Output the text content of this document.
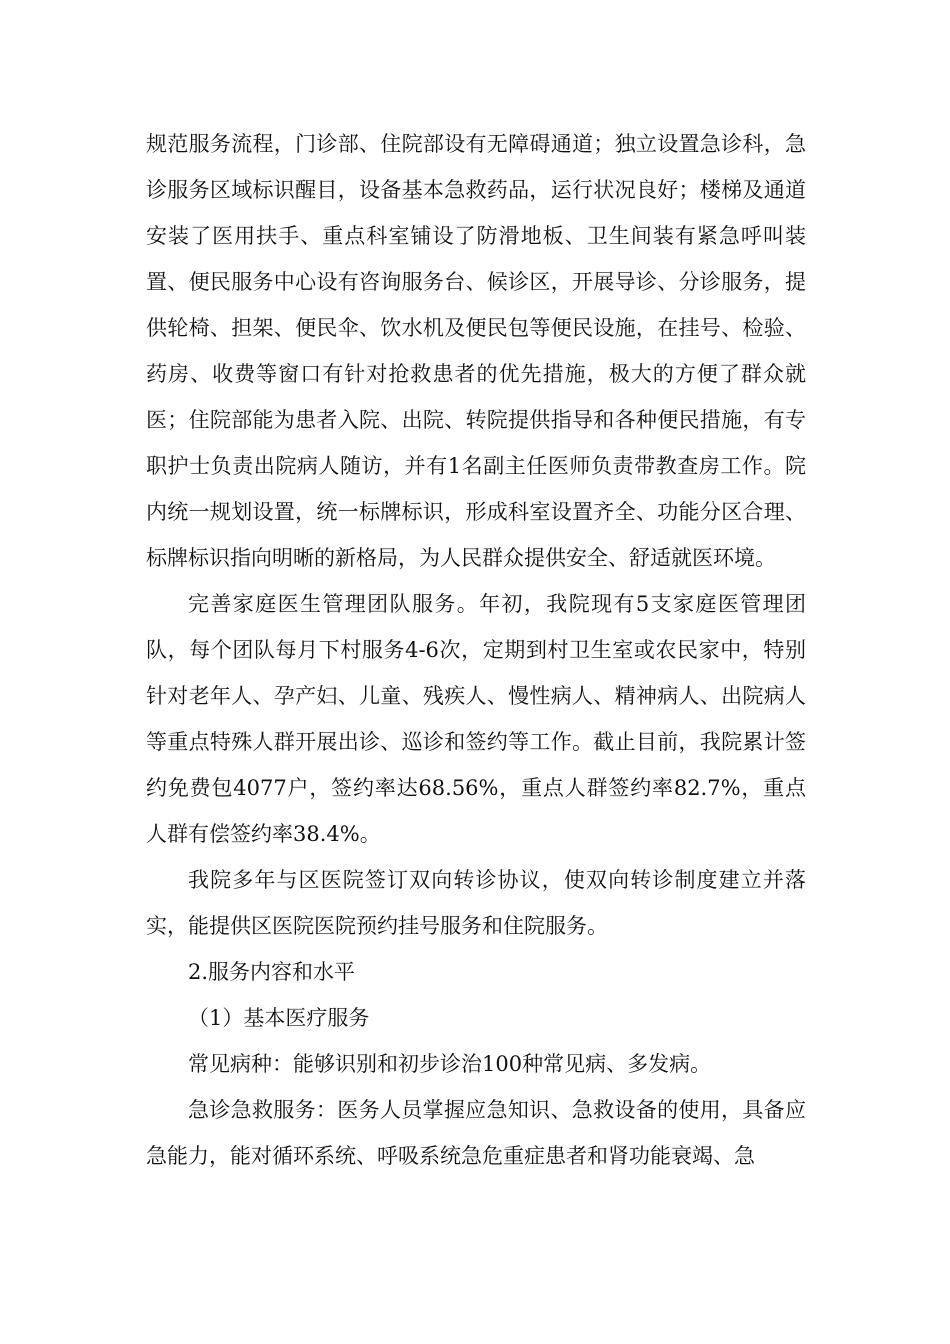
规范服务流程，门诊部、住院部设有无障碍通道；独立设置急诊科，急诊服务区域标识醒目，设备基本急救药品，运行状况良好；楼梯及通道安装了医用扶手、重点科室铺设了防滑地板、卫生间装有紧急呼叫装置、便民服务中心设有咨询服务台、候诊区，开展导诊、分诊服务，提供轮椅、担架、便民伞、饮水机及便民包等便民设施，在挂号、检验、药房、收费等窗口有针对抢救患者的优先措施，极大的方便了群众就医；住院部能为患者入院、出院、转院提供指导和各种便民措施，有专职护士负责出院病人随访，并有1名副主任医师负责带教查房工作。院内统一规划设置，统一标牌标识，形成科室设置齐全、功能分区合理、标牌标识指向明晰的新格局，为人民群众提供安全、舒适就医环境。

完善家庭医生管理团队服务。年初，我院现有5支家庭医管理团队，每个团队每月下村服务4-6次，定期到村卫生室或农民家中，特别针对老年人、孕产妇、儿童、残疾人、慢性病人、精神病人、出院病人等重点特殊人群开展出诊、巡诊和签约等工作。截止目前，我院累计签约免费包4077户，签约率达68.56%，重点人群签约率82.7%，重点人群有偿签约率38.4%。

我院多年与区医院签订双向转诊协议，使双向转诊制度建立并落实，能提供区医院医院预约挂号服务和住院服务。

2.服务内容和水平

（1）基本医疗服务

常见病种：能够识别和初步诊治100种常见病、多发病。

急诊急救服务：医务人员掌握应急知识、急救设备的使用，具备应急能力，能对循环系统、呼吸系统急危重症患者和肾功能衰竭、急
